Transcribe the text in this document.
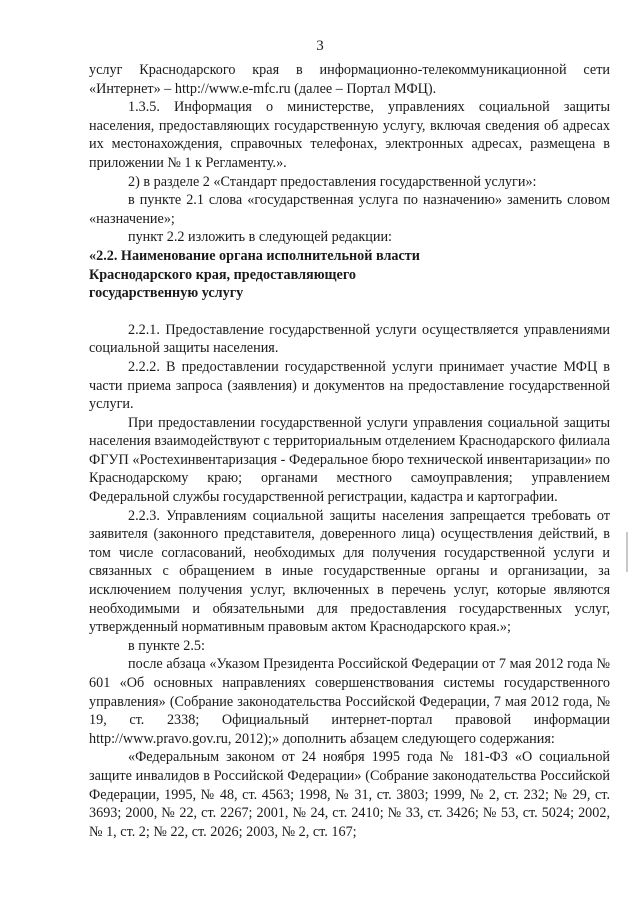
3

услуг Краснодарского края в информационно-телекоммуникационной сети «Интернет» – http://www.e-mfc.ru (далее – Портал МФЦ).

1.3.5. Информация о министерстве, управлениях социальной защиты населения, предоставляющих государственную услугу, включая сведения об адресах их местонахождения, справочных телефонах, электронных адресах, размещена в приложении № 1 к Регламенту.».

2) в разделе 2 «Стандарт предоставления государственной услуги»:

в пункте 2.1 слова «государственная услуга по назначению» заменить словом «назначение»;

пункт 2.2 изложить в следующей редакции:

«2.2. Наименование органа исполнительной власти

Краснодарского края, предоставляющего

государственную услугу

2.2.1. Предоставление государственной услуги осуществляется управлениями социальной защиты населения.

2.2.2. В предоставлении государственной услуги принимает участие МФЦ в части приема запроса (заявления) и документов на предоставление государственной услуги.

При предоставлении государственной услуги управления социальной защиты населения взаимодействуют с территориальным отделением Краснодарского филиала ФГУП «Ростехинвентаризация - Федеральное бюро технической инвентаризации» по Краснодарскому краю; органами местного самоуправления; управлением Федеральной службы государственной регистрации, кадастра и картографии.

2.2.3. Управлениям социальной защиты населения запрещается требовать от заявителя (законного представителя, доверенного лица) осуществления действий, в том числе согласований, необходимых для получения государственной услуги и связанных с обращением в иные государственные органы и организации, за исключением получения услуг, включенных в перечень услуг, которые являются необходимыми и обязательными для предоставления государственных услуг, утвержденный нормативным правовым актом Краснодарского края.»;

в пункте 2.5:

после абзаца «Указом Президента Российской Федерации от 7 мая 2012 года № 601 «Об основных направлениях совершенствования системы государственного управления» (Собрание законодательства Российской Федерации, 7 мая 2012 года, № 19, ст. 2338; Официальный интернет-портал правовой информации http://www.pravo.gov.ru, 2012);» дополнить абзацем следующего содержания:

«Федеральным законом от 24 ноября 1995 года № 181-ФЗ «О социальной защите инвалидов в Российской Федерации» (Собрание законодательства Российской Федерации, 1995, № 48, ст. 4563; 1998, № 31, ст. 3803; 1999, № 2, ст. 232; № 29, ст. 3693; 2000, № 22, ст. 2267; 2001, № 24, ст. 2410; № 33, ст. 3426; № 53, ст. 5024; 2002, № 1, ст. 2; № 22, ст. 2026; 2003, № 2, ст. 167;
